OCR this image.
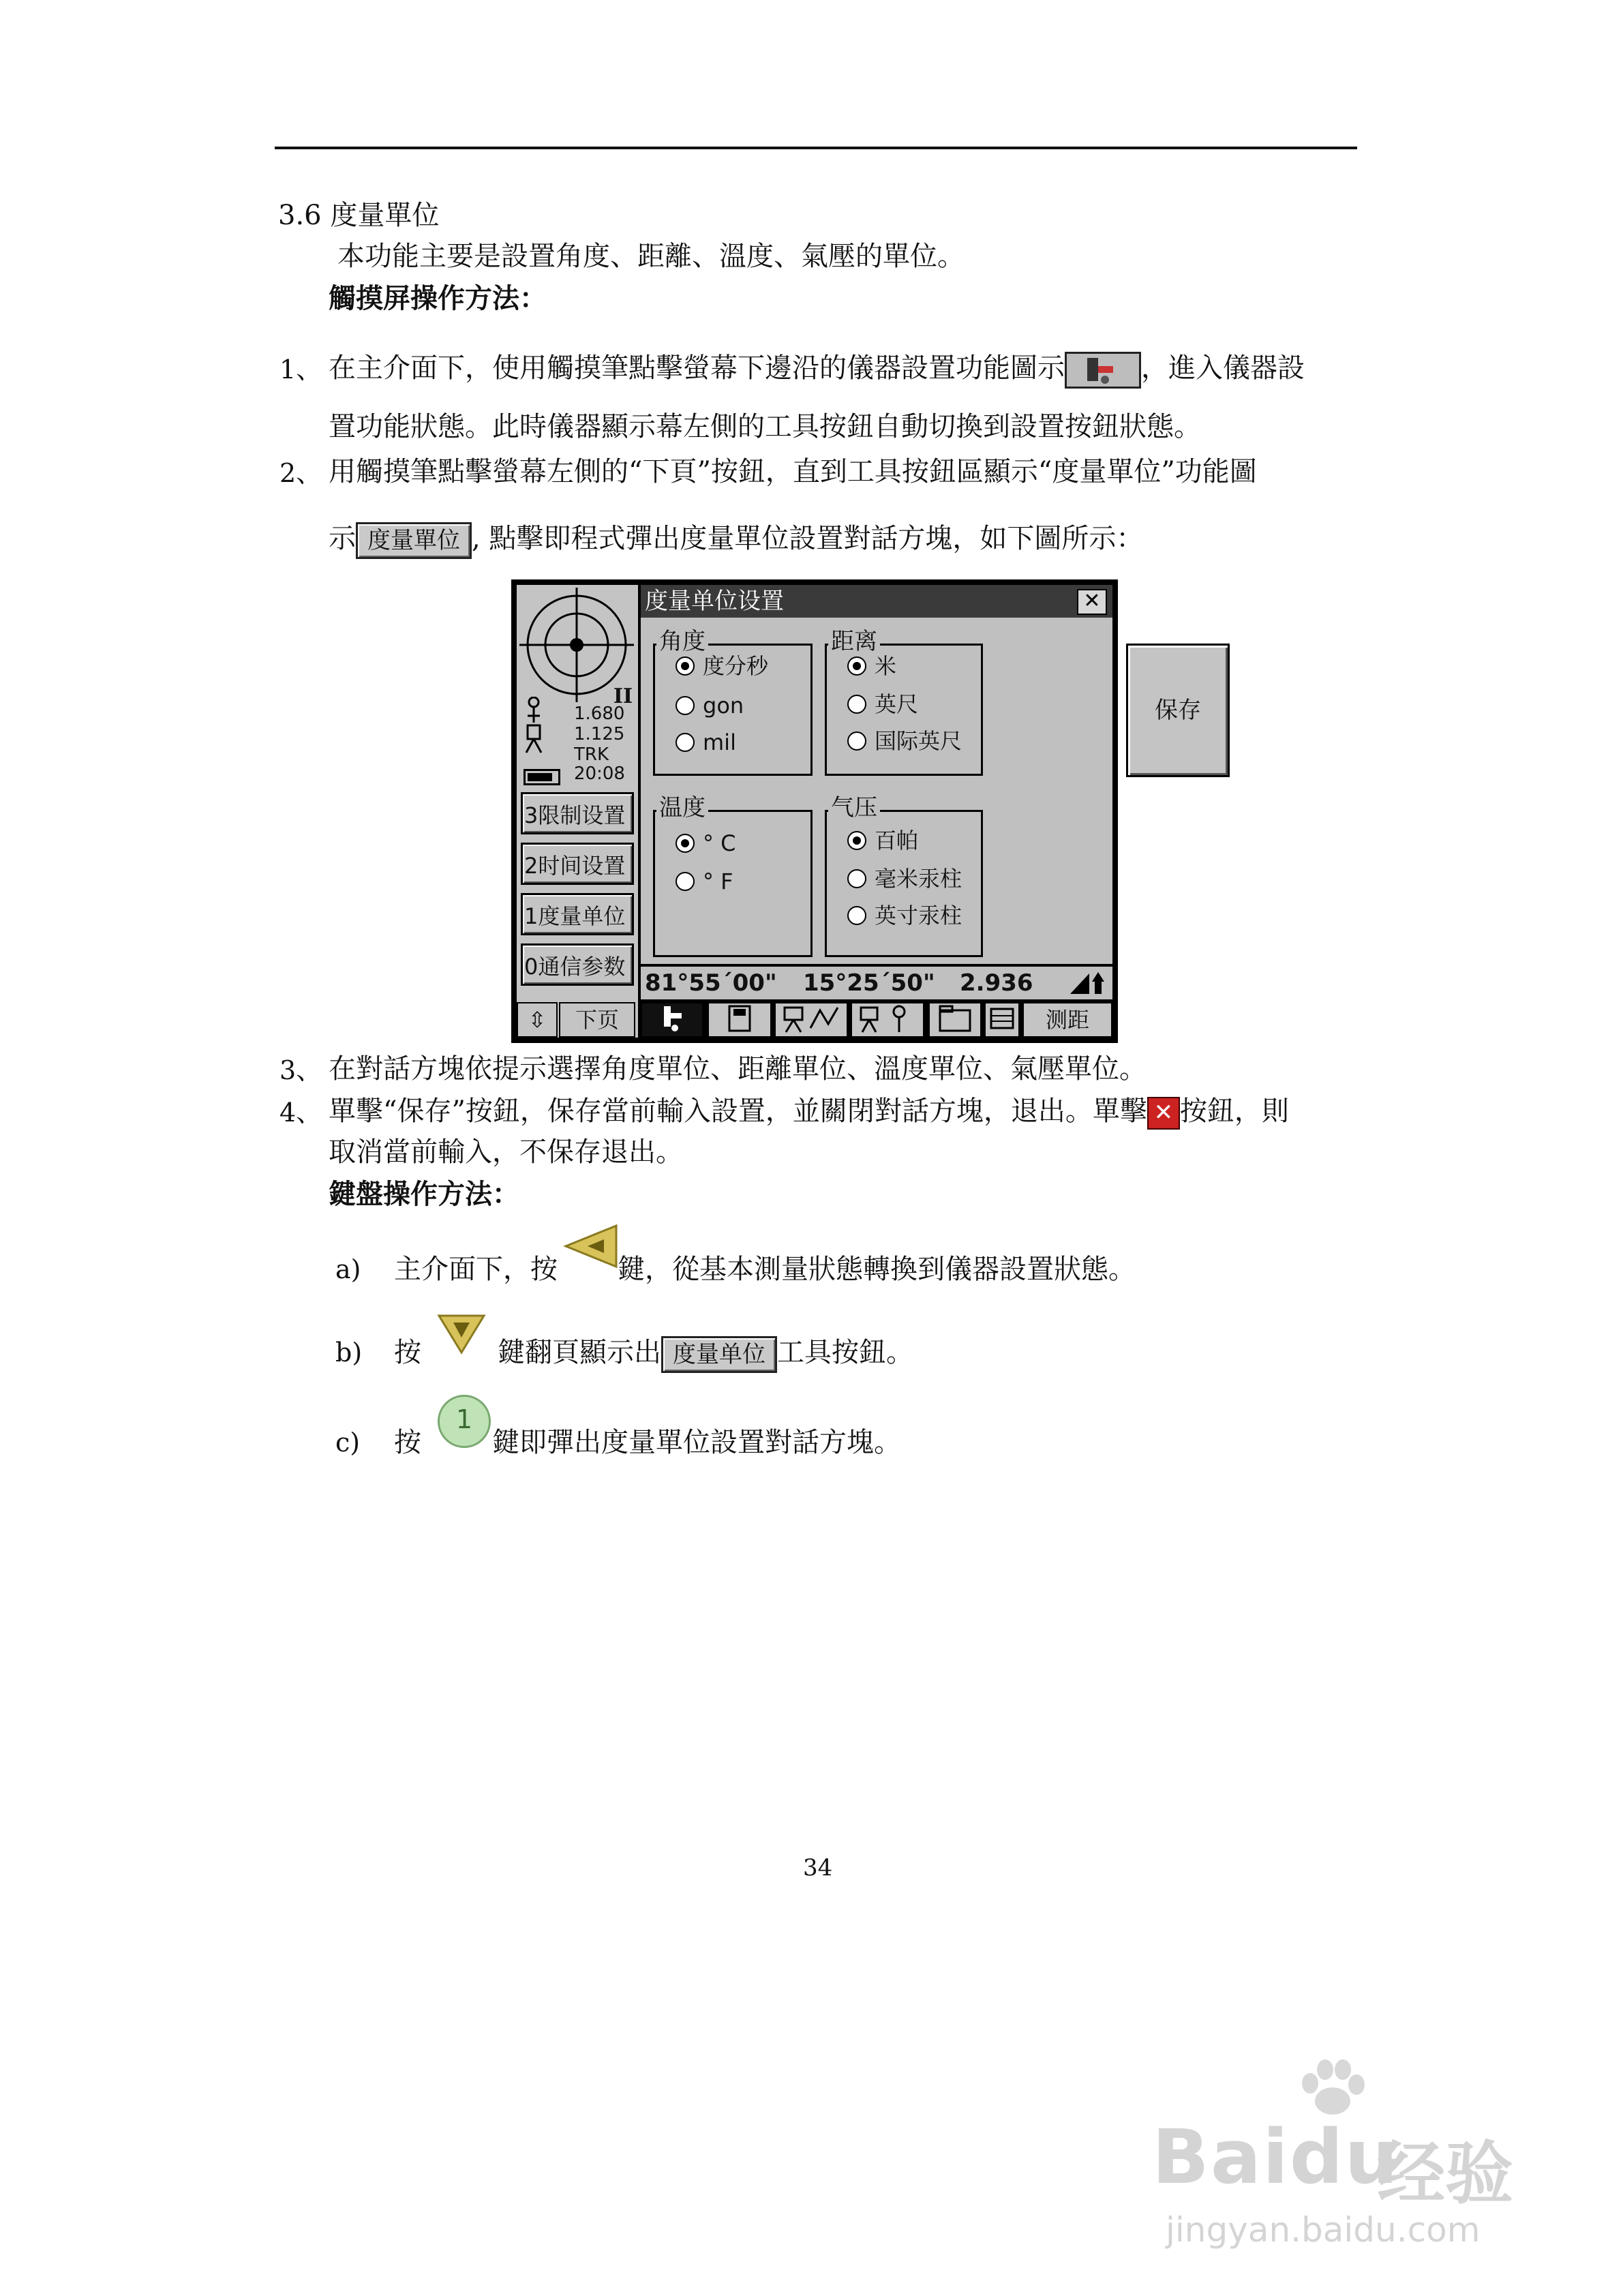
3.6 度量單位
本功能主要是設置角度、距離、溫度、氣壓的單位。
觸摸屏操作方法：
1、 在主介面下，使用觸摸筆點擊螢幕下邊沿的儀器設置功能圖示	，進入儀器設
置功能狀態。此時儀器顯示幕左側的工具按鈕自動切換到設置按鈕狀態。
2、 用觸摸筆點擊螢幕左側的“下頁”按鈕，直到工具按鈕區顯示“度量單位”功能圖
示 度量單位 , 點擊即程式彈出度量單位設置對話方塊，如下圖所示：
II
1.680
1.125
TRK
20:08
3限制设置
2时间设置
1度量单位
0通信参数
度量单位设置	✕
角度
度分秒
gon
mil
距离
米
英尺
国际英尺
保存
温度
° C
° F
气压
百帕
毫米汞柱
英寸汞柱
81°55´00" 15°25´50" 2.936
⇳	下页	测距
3、 在對話方塊依提示選擇角度單位、距離單位、溫度單位、氣壓單位。
4、 單擊“保存”按鈕，保存當前輸入設置，並關閉對話方塊，退出。單擊 ✕ 按鈕，則
取消當前輸入，不保存退出。
鍵盤操作方法：
a) 主介面下，按 鍵，從基本測量狀態轉換到儀器設置狀態。
b) 按	鍵翻頁顯示出 度量单位 工具按鈕。
c) 按
1
鍵即彈出度量單位設置對話方塊。
34
Baidu
经验
jingyan.baidu.com
